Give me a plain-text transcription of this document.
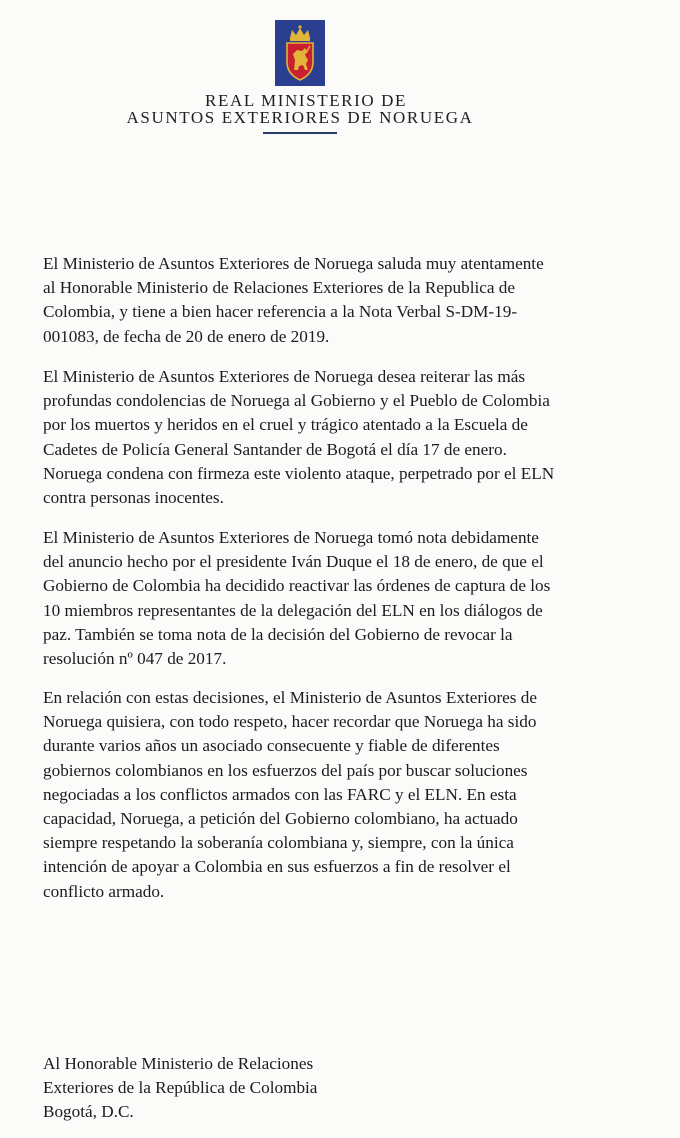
REAL MINISTERIO DE
ASUNTOS EXTERIORES DE NORUEGA

El Ministerio de Asuntos Exteriores de Noruega saluda muy atentamente
al Honorable Ministerio de Relaciones Exteriores de la Republica de
Colombia, y tiene a bien hacer referencia a la Nota Verbal S-DM-19-
001083, de fecha de 20 de enero de 2019.

El Ministerio de Asuntos Exteriores de Noruega desea reiterar las más
profundas condolencias de Noruega al Gobierno y el Pueblo de Colombia
por los muertos y heridos en el cruel y trágico atentado a la Escuela de
Cadetes de Policía General Santander de Bogotá el día 17 de enero.
Noruega condena con firmeza este violento ataque, perpetrado por el ELN
contra personas inocentes.

El Ministerio de Asuntos Exteriores de Noruega tomó nota debidamente
del anuncio hecho por el presidente Iván Duque el 18 de enero, de que el
Gobierno de Colombia ha decidido reactivar las órdenes de captura de los
10 miembros representantes de la delegación del ELN en los diálogos de
paz. También se toma nota de la decisión del Gobierno de revocar la
resolución nº 047 de 2017.

En relación con estas decisiones, el Ministerio de Asuntos Exteriores de
Noruega quisiera, con todo respeto, hacer recordar que Noruega ha sido
durante varios años un asociado consecuente y fiable de diferentes
gobiernos colombianos en los esfuerzos del país por buscar soluciones
negociadas a los conflictos armados con las FARC y el ELN. En esta
capacidad, Noruega, a petición del Gobierno colombiano, ha actuado
siempre respetando la soberanía colombiana y, siempre, con la única
intención de apoyar a Colombia en sus esfuerzos a fin de resolver el
conflicto armado.

Al Honorable Ministerio de Relaciones
Exteriores de la República de Colombia
Bogotá, D.C.
